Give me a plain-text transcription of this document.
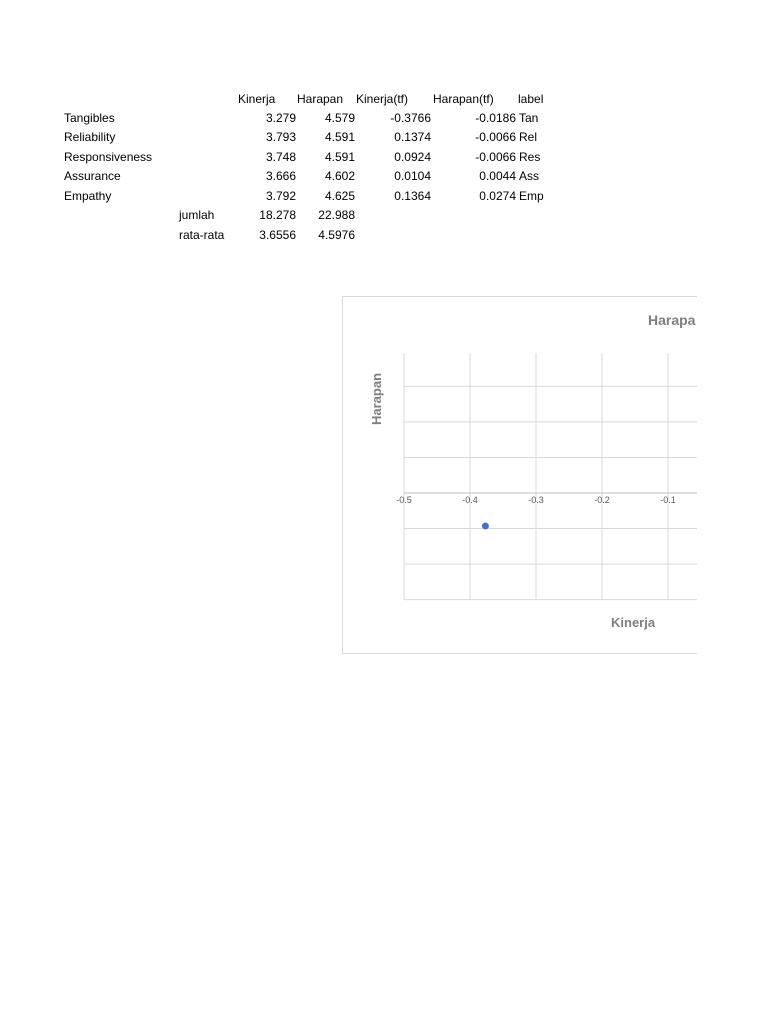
Kinerja Harapan Kinerja(tf) Harapan(tf) label
Tangibles	3.279	4.579	-0.3766	-0.0186 Tan
Reliability	3.793	4.591	0.1374	-0.0066 Rel
Responsiveness	3.748	4.591	0.0924	-0.0066 Res
Assurance	3.666	4.602	0.0104	0.0044 Ass
Empathy	3.792	4.625	0.1364	0.0274 Emp
jumlah	18.278	22.988
rata-rata	3.6556	4.5976
Harapa
Harapan
Kinerja
-0.5	-0.4	-0.3	-0.2	-0.1
